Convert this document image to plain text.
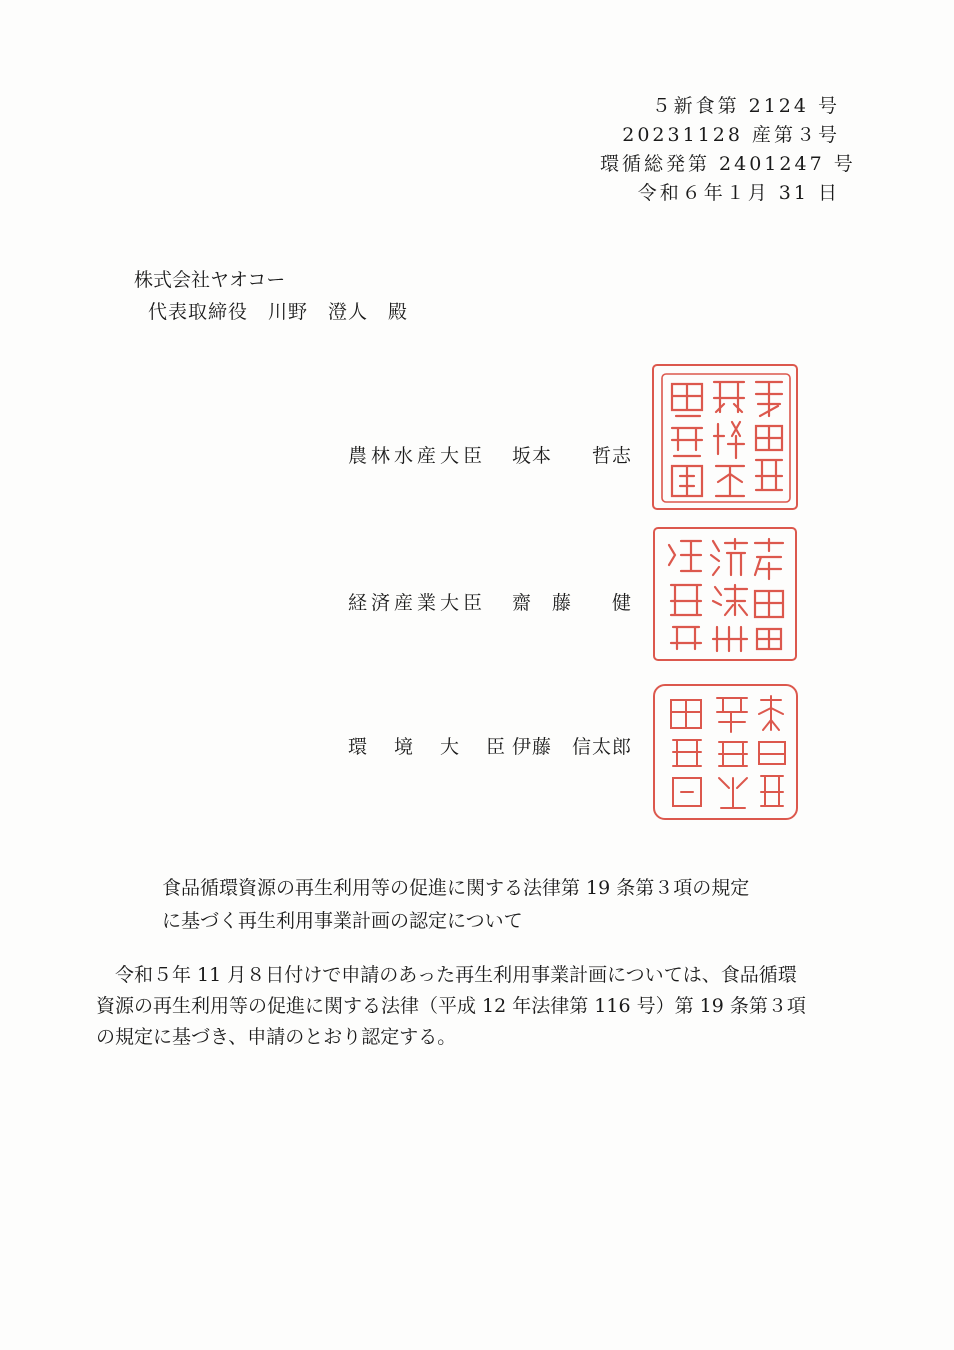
５新食第 2124 号
20231128 産第３号
環循総発第 2401247 号
令和６年１月 31 日
株式会社ヤオコー
代表取締役　川野　澄人　殿
農林水産大臣 坂本　　哲志
経済産業大臣 齋　藤　　健
環　境　大　臣 伊藤　信太郎
食品循環資源の再生利用等の促進に関する法律第 19 条第３項の規定
に基づく再生利用事業計画の認定について
令和５年 11 月８日付けで申請のあった再生利用事業計画については、食品循環
資源の再生利用等の促進に関する法律（平成 12 年法律第 116 号）第 19 条第３項
の規定に基づき、申請のとおり認定する。
